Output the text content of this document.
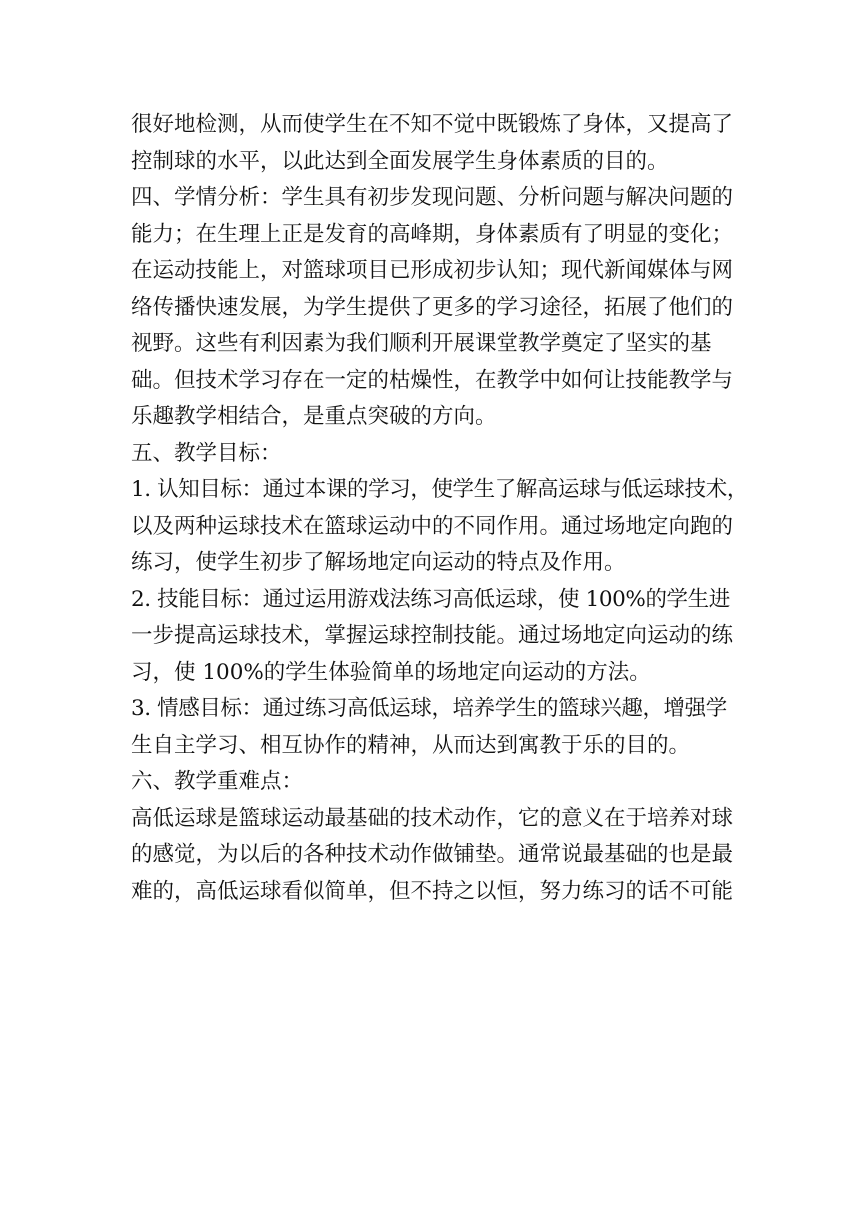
很好地检测，从而使学生在不知不觉中既锻炼了身体，又提高了
控制球的水平，以此达到全面发展学生身体素质的目的。
四、学情分析：学生具有初步发现问题、分析问题与解决问题的
能力；在生理上正是发育的高峰期，身体素质有了明显的变化；
在运动技能上，对篮球项目已形成初步认知；现代新闻媒体与网
络传播快速发展，为学生提供了更多的学习途径，拓展了他们的
视野。这些有利因素为我们顺利开展课堂教学奠定了坚实的基
础。但技术学习存在一定的枯燥性，在教学中如何让技能教学与
乐趣教学相结合，是重点突破的方向。
五、教学目标：
1. 认知目标：通过本课的学习，使学生了解高运球与低运球技术，
以及两种运球技术在篮球运动中的不同作用。通过场地定向跑的
练习，使学生初步了解场地定向运动的特点及作用。
2. 技能目标：通过运用游戏法练习高低运球，使 100%的学生进
一步提高运球技术，掌握运球控制技能。通过场地定向运动的练
习，使 100%的学生体验简单的场地定向运动的方法。
3. 情感目标：通过练习高低运球，培养学生的篮球兴趣，增强学
生自主学习、相互协作的精神，从而达到寓教于乐的目的。
六、教学重难点：
高低运球是篮球运动最基础的技术动作，它的意义在于培养对球
的感觉，为以后的各种技术动作做铺垫。通常说最基础的也是最
难的，高低运球看似简单，但不持之以恒，努力练习的话不可能
